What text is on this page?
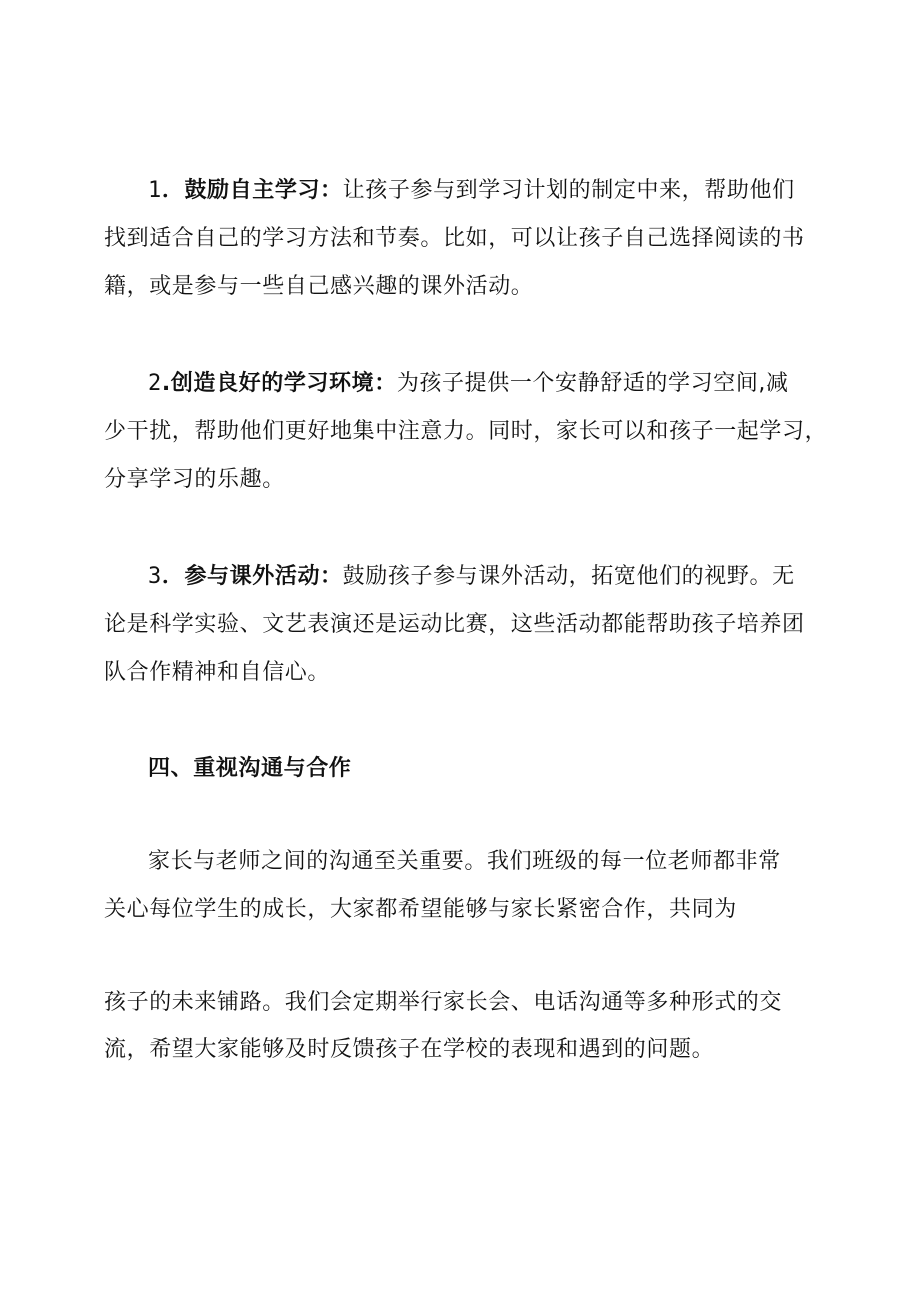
1．鼓励自主学习：让孩子参与到学习计划的制定中来，帮助他们
找到适合自己的学习方法和节奏。比如，可以让孩子自己选择阅读的书
籍，或是参与一些自己感兴趣的课外活动。
2.创造良好的学习环境：为孩子提供一个安静舒适的学习空间,减
少干扰，帮助他们更好地集中注意力。同时，家长可以和孩子一起学习，
分享学习的乐趣。
3．参与课外活动：鼓励孩子参与课外活动，拓宽他们的视野。无
论是科学实验、文艺表演还是运动比赛，这些活动都能帮助孩子培养团
队合作精神和自信心。
四、重视沟通与合作
家长与老师之间的沟通至关重要。我们班级的每一位老师都非常
关心每位学生的成长，大家都希望能够与家长紧密合作，共同为
孩子的未来铺路。我们会定期举行家长会、电话沟通等多种形式的交
流，希望大家能够及时反馈孩子在学校的表现和遇到的问题。
